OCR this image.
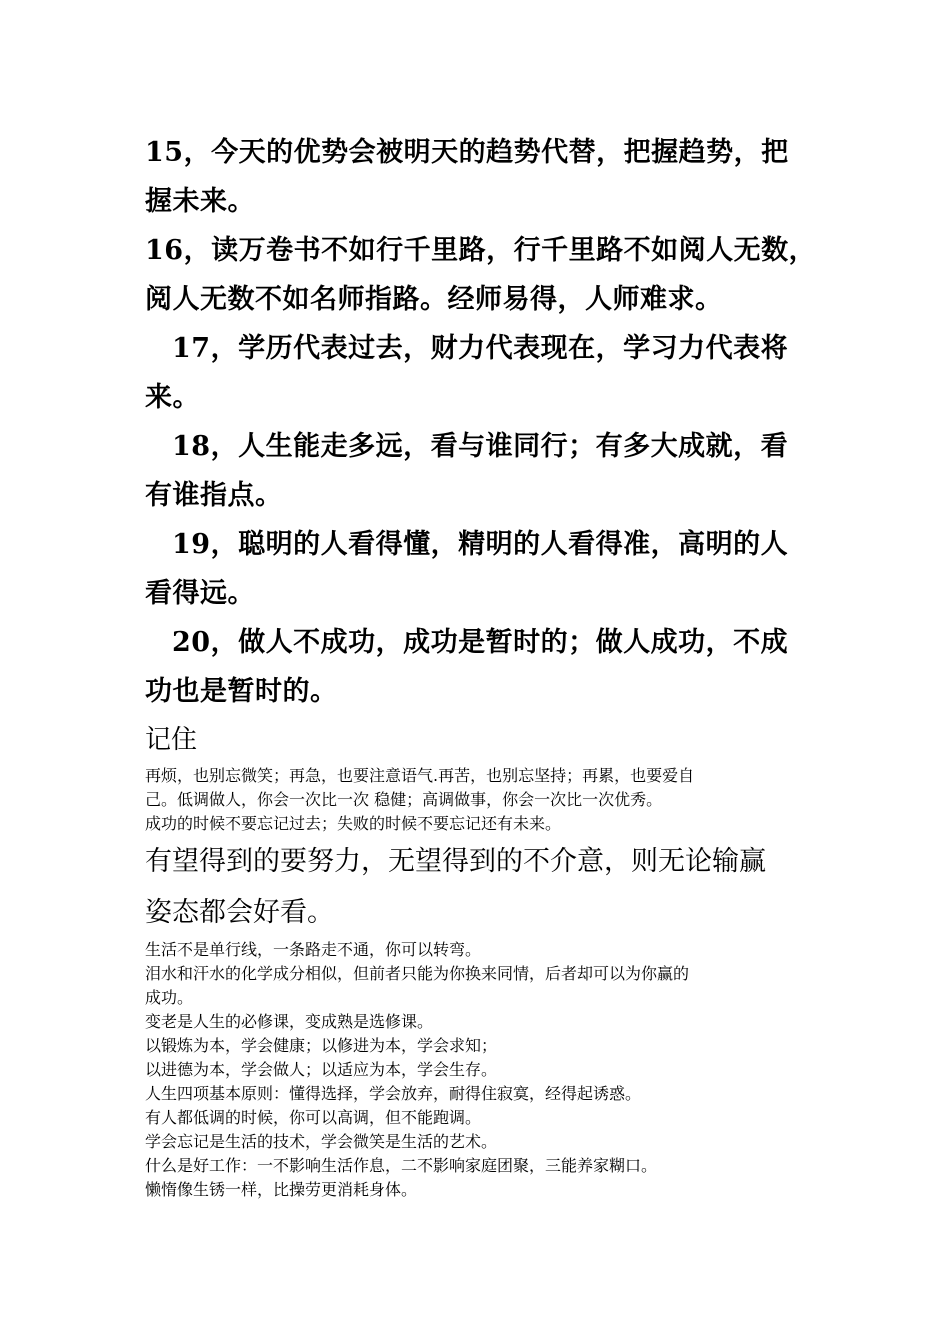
15，今天的优势会被明天的趋势代替，把握趋势，把

握未来。

16，读万卷书不如行千里路，行千里路不如阅人无数，

阅人无数不如名师指路。经师易得，人师难求。

17，学历代表过去，财力代表现在，学习力代表将

来。

18，人生能走多远，看与谁同行；有多大成就，看

有谁指点。

19，聪明的人看得懂，精明的人看得准，高明的人

看得远。

20，做人不成功，成功是暂时的；做人成功，不成

功也是暂时的。

记住

再烦，也别忘微笑；再急，也要注意语气.再苦，也别忘坚持；再累，也要爱自

己。低调做人，你会一次比一次 稳健；高调做事，你会一次比一次优秀。

成功的时候不要忘记过去；失败的时候不要忘记还有未来。

有望得到的要努力，无望得到的不介意，则无论输赢

姿态都会好看。

生活不是单行线，一条路走不通，你可以转弯。

泪水和汗水的化学成分相似，但前者只能为你换来同情，后者却可以为你赢的

成功。

变老是人生的必修课，变成熟是选修课。

以锻炼为本，学会健康；以修进为本，学会求知；

以进德为本，学会做人；以适应为本，学会生存。

人生四项基本原则：懂得选择，学会放弃，耐得住寂寞，经得起诱惑。

有人都低调的时候，你可以高调，但不能跑调。

学会忘记是生活的技术，学会微笑是生活的艺术。

什么是好工作：一不影响生活作息，二不影响家庭团聚，三能养家糊口。

懒惰像生锈一样，比操劳更消耗身体。
